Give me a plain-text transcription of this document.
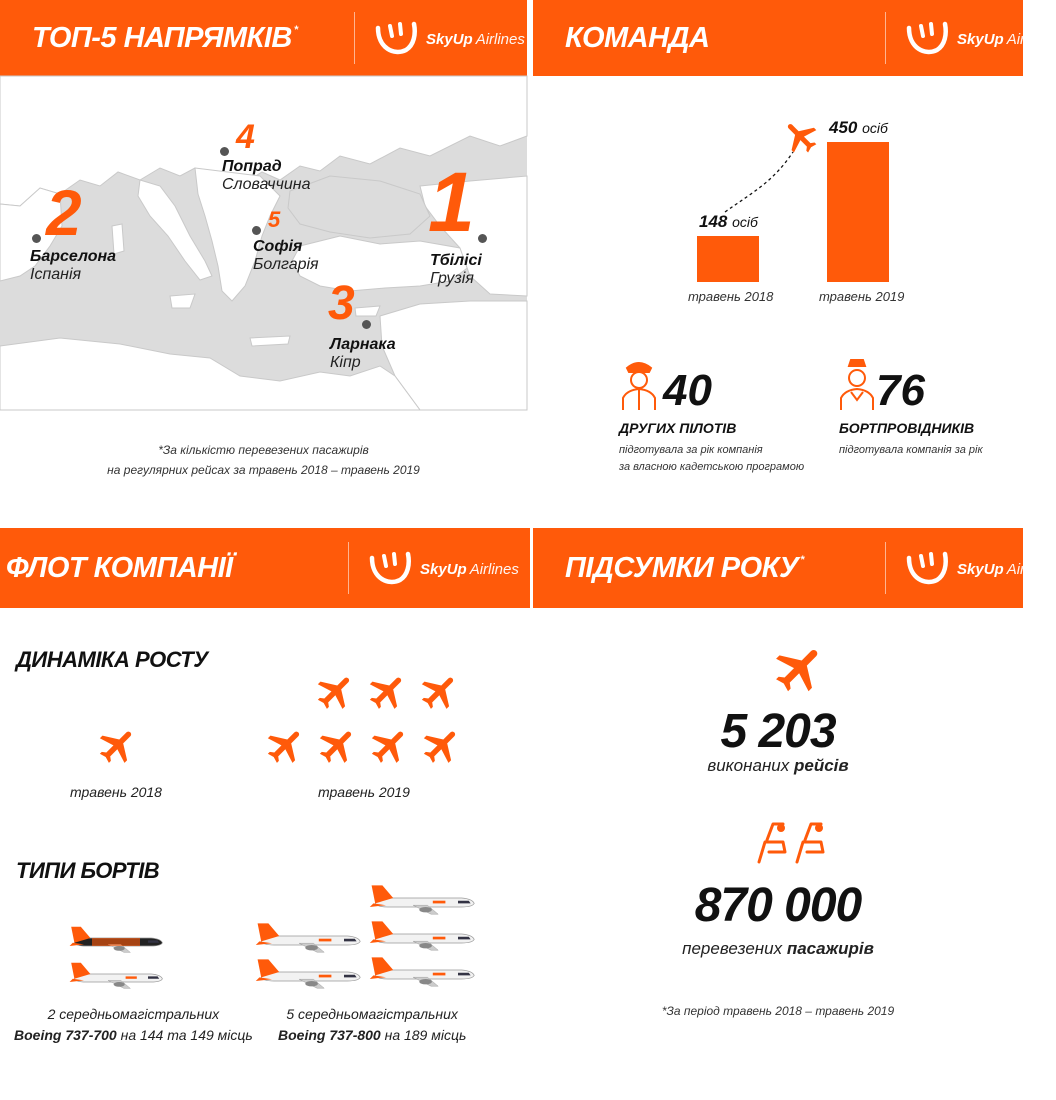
ТОП-5 НАПРЯМКІВ *
SkyUp Airlines
2
Барселона
Іспанія
4
Попрад
Словаччина
5
Софія
Болгарія
1
Тбілісі
Грузія
3
Ларнака
Кіпр
*За кількістю перевезених пасажирів
на регулярних рейсах за травень 2018 – травень 2019
КОМАНДА	SkyUp Airlines
148 осіб
450 осіб
травень 2018	травень 2019
40
ДРУГИХ ПІЛОТІВ
підготувала за рік компанія
за власною кадетською програмою
76
БОРТПРОВІДНИКІВ
підготувала компанія за рік
ФЛОТ КОМПАНІЇ	SkyUp Airlines
ДИНАМІКА РОСТУ
травень 2018	травень 2019
ТИПИ БОРТІВ
2 середньомагістральних
Boeing 737-700 на 144 та 149 місць
5 середньомагістральних
Boeing 737-800 на 189 місць
ПІДСУМКИ РОКУ *
SkyUp Airlines
5 203
виконаних рейсів
870 000
перевезених пасажирів
*За період травень 2018 – травень 2019
